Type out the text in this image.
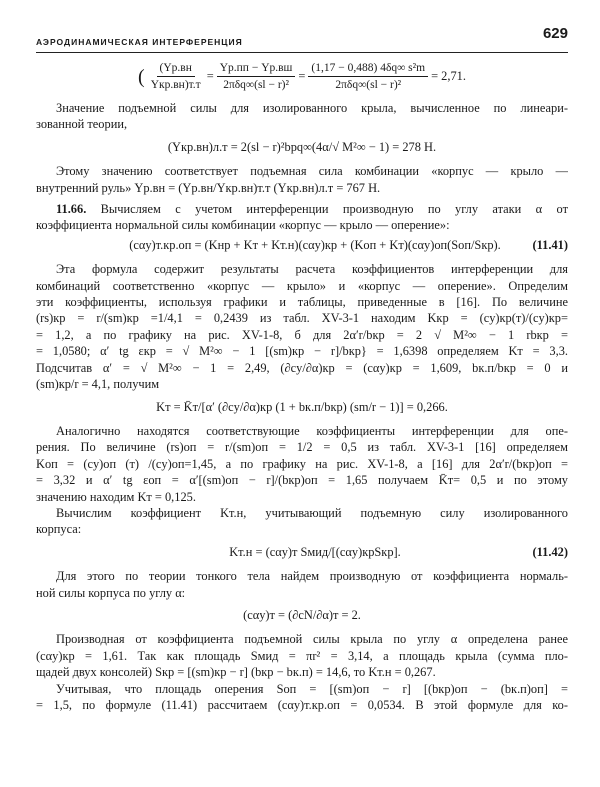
АЭРОДИНАМИЧЕСКАЯ ИНТЕРФЕРЕНЦИЯ	629
( $\frac{(Yр.вн}{\text{Yкр.вн)т.т}} = \frac{Yр.пп - Yр.вш}{\text{2πδq∞(sl − r)²}} = \frac{\text{(1,17 − 0,488) 4δq∞ s²m}}{\text{2πδq∞(sl − r)²}} = 2,71$.
Значение подъемной силы для изолированного крыла, вычисленное по линеари-
зованной теории,
(Yкр.вн)л.т = 2(sl − r)²bрq∞(4α/√ M²∞ − 1) = 278 Н.
Этому значению соответствует подъемная сила комбинации «корпус — крыло —
внутренний руль» Yр.вн = (Yр.вн/Yкр.вн)т.т (Yкр.вн)л.т = 767 Н.
11.66. Вычисляем с учетом интерференции производную по углу атаки α от
коэффициента нормальной силы комбинации «корпус — крыло — оперение»:
(cαy)т.кр.оп = (Kнр + Kт + Kт.н)(cαy)кр + (Kоп + Kт)(cαy)оп(Sоп/Sкр).	(11.41)
Эта формула содержит результаты расчета коэффициентов интерференции для
комбинаций соответственно «корпус — крыло» и «корпус — оперение». Определим
эти коэффициенты, используя графики и таблицы, приведенные в [16]. По величине
(rs)кр = r/(sm)кр =1/4,1 = 0,2439 из табл. XV-3-1 находим Kкр = (cy)кр(т)/(cy)кр=
= 1,2, а по графику на рис. XV-1-8, б для 2α′r/bкр = 2 √ M²∞ − 1 rbкр =
= 1,0580; α′ tg εкр = √ M²∞ − 1 [(sm)кр − r]/bкр} = 1,6398 определяем Kт = 3,3.
Подсчитав α′ = √ M²∞ − 1 = 2,49, (∂cy/∂α)кр = (cαy)кр = 1,609, bк.п/bкр = 0 и
(sm)кр/r = 4,1, получим
Kт = K̄т/[α′ (∂cy/∂α)кр (1 + bк.п/bкр) (sm/r − 1)] = 0,266.
Аналогично находятся соответствующие коэффициенты интерференции для опе-
рения. По величине (rs)оп = r/(sm)оп = 1/2 = 0,5 из табл. XV-3-1 [16] определяем
Kоп = (cy)оп (т) /(cy)оп=1,45, а по графику на рис. XV-1-8, а [16] для 2α′r/(bкр)оп =
= 3,32 и α′ tg εоп = α′[(sm)оп − r]/(bкр)оп = 1,65 получаем K̄т= 0,5 и по этому
значению находим Kт = 0,125.
Вычислим коэффициент Kт.н, учитывающий подъемную силу изолированного
корпуса:
Kт.н = (cαy)т Sмид/[(cαy)крSкр].	(11.42)
Для этого по теории тонкого тела найдем производную от коэффициента нормаль-
ной силы корпуса по углу α:
(cαy)т = (∂cN/∂α)т = 2.
Производная от коэффициента подъемной силы крыла по углу α определена ранее
(cαy)кр = 1,61. Так как площадь Sмид = πr² = 3,14, а площадь крыла (сумма пло-
щадей двух консолей) Sкр = [(sm)кр − r] (bкр − bк.п) = 14,6, то Kт.н = 0,267.
Учитывая, что площадь оперения Sоп = [(sm)оп − r] [(bкр)оп − (bк.п)оп] =
= 1,5, по формуле (11.41) рассчитаем (cαy)т.кр.оп = 0,0534. В этой формуле для ко-
